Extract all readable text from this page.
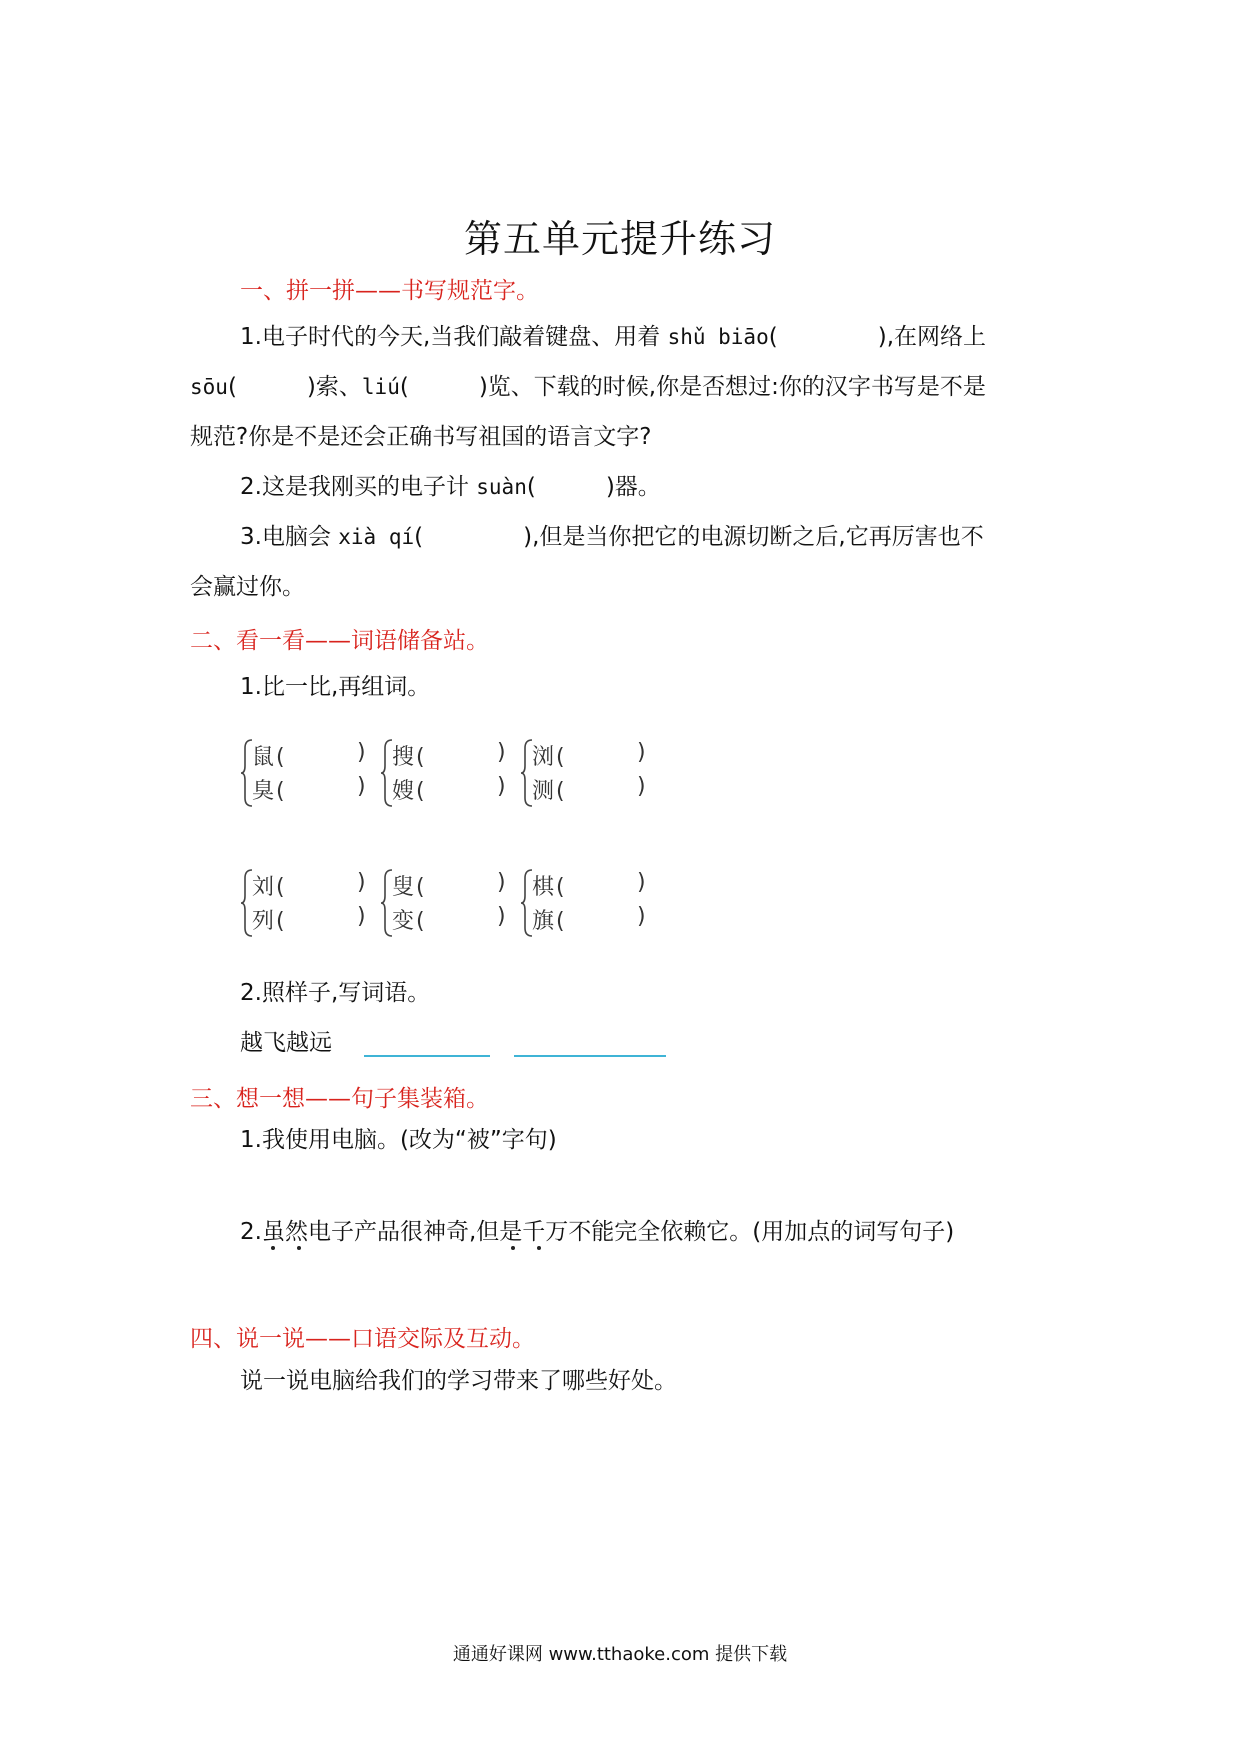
第五单元提升练习
一、拼一拼——书写规范字。
1.电子时代的今天,当我们敲着键盘、用着 shǔ biāo(	),在网络上
sōu(	)索、liú(	)览、下载的时候,你是否想过:你的汉字书写是不是
规范?你是不是还会正确书写祖国的语言文字?
2.这是我刚买的电子计 suàn(	)器。
3.电脑会 xià qí(	),但是当你把它的电源切断之后,它再厉害也不
会赢过你。
二、看一看——词语储备站。
1.比一比,再组词。
鼠(	)
臭(	)
搜(	)
嫂(	)
浏(	)
测(	)
刘(	)
列(	)
叟(	)
变(	)
棋(	)
旗(	)
2.照样子,写词语。
越飞越远
三、想一想——句子集装箱。
1.我使用电脑。(改为“被”字句)
2.虽然电子产品很神奇,但是千万不能完全依赖它。(用加点的词写句子)
四、说一说——口语交际及互动。
说一说电脑给我们的学习带来了哪些好处。
通通好课网 www.tthaoke.com 提供下载
